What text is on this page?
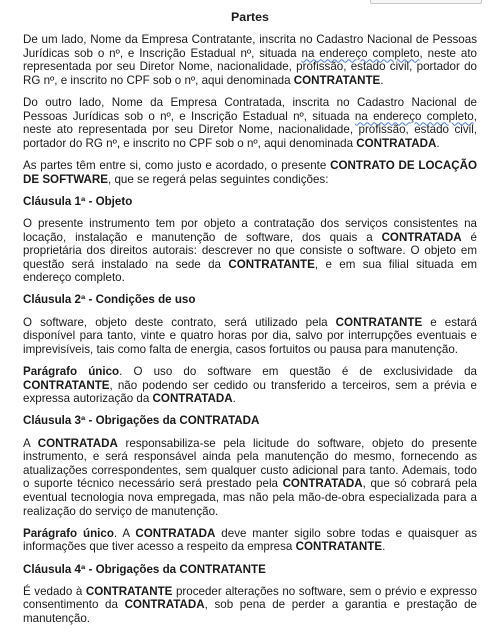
Partes

De um lado, Nome da Empresa Contratante, inscrita no Cadastro Nacional de Pessoas Jurídicas sob o nº, e Inscrição Estadual nº, situada na endereço completo, neste ato representada por seu Diretor Nome, nacionalidade, profissão, estado civil, portador do RG nº, e inscrito no CPF sob o nº, aqui denominada CONTRATANTE.

Do outro lado, Nome da Empresa Contratada, inscrita no Cadastro Nacional de Pessoas Jurídicas sob o nº, e Inscrição Estadual nº, situada na endereço completo, neste ato representada por seu Diretor Nome, nacionalidade, profissão, estado civil, portador do RG nº, e inscrito no CPF sob o nº, aqui denominada CONTRATADA.

As partes têm entre si, como justo e acordado, o presente CONTRATO DE LOCAÇÃO DE SOFTWARE, que se regerá pelas seguintes condições:

Cláusula 1ª - Objeto

O presente instrumento tem por objeto a contratação dos serviços consistentes na locação, instalação e manutenção de software, dos quais a CONTRATADA é proprietária dos direitos autorais: descrever no que consiste o software. O objeto em questão será instalado na sede da CONTRATANTE, e em sua filial situada em endereço completo.

Cláusula 2ª - Condições de uso

O software, objeto deste contrato, será utilizado pela CONTRATANTE e estará disponível para tanto, vinte e quatro horas por dia, salvo por interrupções eventuais e imprevisíveis, tais como falta de energia, casos fortuitos ou pausa para manutenção.

Parágrafo único. O uso do software em questão é de exclusividade da CONTRATANTE, não podendo ser cedido ou transferido a terceiros, sem a prévia e expressa autorização da CONTRATADA.

Cláusula 3ª - Obrigações da CONTRATADA

A CONTRATADA responsabiliza-se pela licitude do software, objeto do presente instrumento, e será responsável ainda pela manutenção do mesmo, fornecendo as atualizações correspondentes, sem qualquer custo adicional para tanto. Ademais, todo o suporte técnico necessário será prestado pela CONTRATADA, que só cobrará pela eventual tecnologia nova empregada, mas não pela mão-de-obra especializada para a realização do serviço de manutenção.

Parágrafo único. A CONTRATADA deve manter sigilo sobre todas e quaisquer as informações que tiver acesso a respeito da empresa CONTRATANTE.

Cláusula 4ª - Obrigações da CONTRATANTE

É vedado à CONTRATANTE proceder alterações no software, sem o prévio e expresso consentimento da CONTRATADA, sob pena de perder a garantia e prestação de manutenção.
